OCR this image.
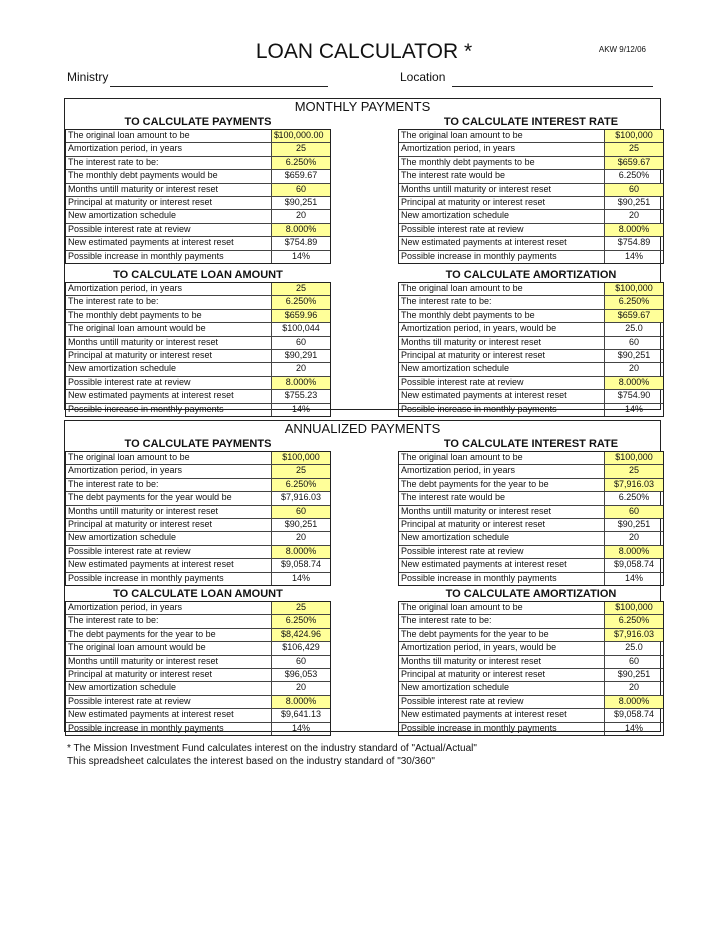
LOAN CALCULATOR *	AKW 9/12/06
Ministry	Location
MONTHLY PAYMENTS
TO CALCULATE PAYMENTS
The original loan amount to be	$ 100,000.00
Amortization period, in years	25
The interest rate to be:	6.250%
The monthly debt payments would be	$659.67
Months untill maturity or interest reset	60
Principal at maturity or interest reset	$90,251
New amortization schedule	20
Possible interest rate at review	8.000%
New estimated payments at interest reset	$754.89
Possible increase in monthly payments	14%
TO CALCULATE INTEREST RATE
The original loan amount to be	$100,000
Amortization period, in years	25
The monthly debt payments to be	$659.67
The interest rate would be	6.250%
Months untill maturity or interest reset	60
Principal at maturity or interest reset	$90,251
New amortization schedule	20
Possible interest rate at review	8.000%
New estimated payments at interest reset	$754.89
Possible increase in monthly payments	14%
TO CALCULATE LOAN AMOUNT
Amortization period, in years	25
The interest rate to be:	6.250%
The monthly debt payments to be	$659.96
The original loan amount would be	$100,044
Months untill maturity or interest reset	60
Principal at maturity or interest reset	$90,291
New amortization schedule	20
Possible interest rate at review	8.000%
New estimated payments at interest reset	$755.23
Possible increase in monthly payments	14%
TO CALCULATE AMORTIZATION
The original loan amount to be	$100,000
The interest rate to be:	6.250%
The monthly debt payments to be	$659.67
Amortization period, in years, would be	25.0
Months till maturity or interest reset	60
Principal at maturity or interest reset	$90,251
New amortization schedule	20
Possible interest rate at review	8.000%
New estimated payments at interest reset	$754.90
Possible increase in monthly payments	14%
ANNUALIZED PAYMENTS
TO CALCULATE PAYMENTS
The original loan amount to be	$100,000
Amortization period, in years	25
The interest rate to be:	6.250%
The debt payments for the year would be	$7,916.03
Months untill maturity or interest reset	60
Principal at maturity or interest reset	$90,251
New amortization schedule	20
Possible interest rate at review	8.000%
New estimated payments at interest reset	$9,058.74
Possible increase in monthly payments	14%
TO CALCULATE INTEREST RATE
The original loan amount to be	$100,000
Amortization period, in years	25
The debt payments for the year to be	$7,916.03
The interest rate would be	6.250%
Months untill maturity or interest reset	60
Principal at maturity or interest reset	$90,251
New amortization schedule	20
Possible interest rate at review	8.000%
New estimated payments at interest reset	$9,058.74
Possible increase in monthly payments	14%
TO CALCULATE LOAN AMOUNT
Amortization period, in years	25
The interest rate to be:	6.250%
The debt payments for the year to be	$8,424.96
The original loan amount would be	$106,429
Months untill maturity or interest reset	60
Principal at maturity or interest reset	$96,053
New amortization schedule	20
Possible interest rate at review	8.000%
New estimated payments at interest reset	$9,641.13
Possible increase in monthly payments	14%
TO CALCULATE AMORTIZATION
The original loan amount to be	$100,000
The interest rate to be:	6.250%
The debt payments for the year to be	$7,916.03
Amortization period, in years, would be	25.0
Months till maturity or interest reset	60
Principal at maturity or interest reset	$90,251
New amortization schedule	20
Possible interest rate at review	8.000%
New estimated payments at interest reset	$9,058.74
Possible increase in monthly payments	14%
* The Mission Investment Fund calculates interest on the industry standard of "Actual/Actual"
This spreadsheet calculates the interest based on the industry standard of "30/360"
